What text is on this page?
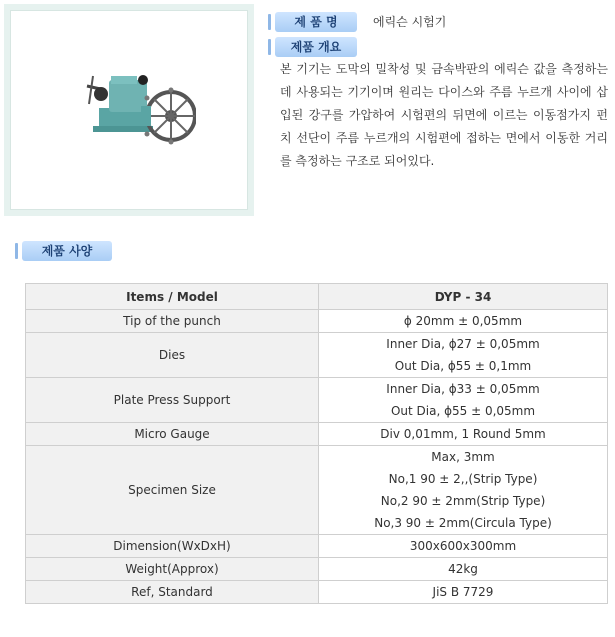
제 품 명	에릭슨 시험기
제품 개요
본 기기는 도막의 밀착성 및 금속박판의 에릭슨 값을 측정하는데 사용되는 기기이며 원리는 다이스와 주름 누르개 사이에 삽입된 강구를 가압하여 시험편의 뒤면에 이르는 이동점가지 펀치 선단이 주름 누르개의 시험편에 접하는 면에서 이동한 거리를 측정하는 구조로 되어있다.
제품 사양
Items / Model	DYP - 34
Tip of the punch	ϕ 20mm ± 0,05mm

Dies	Inner Dia, ϕ27 ± 0,05mm
Out Dia, ϕ55 ± 0,1mm

Plate Press Support	Inner Dia, ϕ33 ± 0,05mm
Out Dia, ϕ55 ± 0,05mm

Micro Gauge	Div 0,01mm, 1 Round 5mm

Specimen Size	Max, 3mm
No,1 90 ± 2,,(Strip Type)
No,2 90 ± 2mm(Strip Type)
No,3 90 ± 2mm(Circula Type)

Dimension(WxDxH)	300x600x300mm

Weight(Approx)	42kg

Ref, Standard	JiS B 7729
